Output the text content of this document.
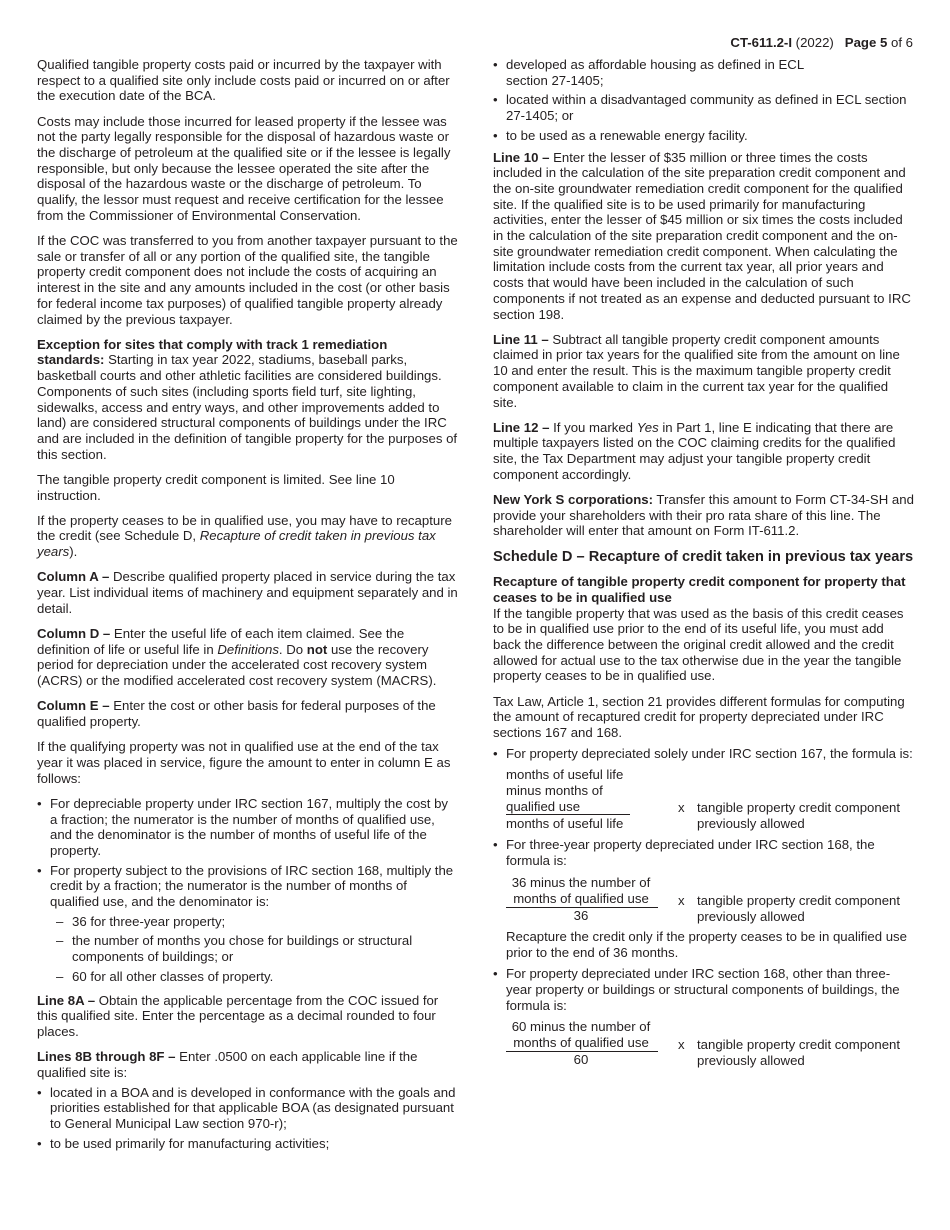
CT-611.2-I (2022) Page 5 of 6

Qualified tangible property costs paid or incurred by the taxpayer with respect to a qualified site only include costs paid or incurred on or after the execution date of the BCA.

Costs may include those incurred for leased property if the lessee was not the party legally responsible for the disposal of hazardous waste or the discharge of petroleum at the qualified site or if the lessee is legally responsible, but only because the lessee operated the site after the disposal of the hazardous waste or the discharge of petroleum. To qualify, the lessor must request and receive certification for the lessee from the Commissioner of Environmental Conservation.

If the COC was transferred to you from another taxpayer pursuant to the sale or transfer of all or any portion of the qualified site, the tangible property credit component does not include the costs of acquiring an interest in the site and any amounts included in the cost (or other basis for federal income tax purposes) of qualified tangible property already claimed by the previous taxpayer.

Exception for sites that comply with track 1 remediation standards: Starting in tax year 2022, stadiums, baseball parks, basketball courts and other athletic facilities are considered buildings. Components of such sites (including sports field turf, site lighting, sidewalks, access and entry ways, and other improvements added to land) are considered structural components of buildings under the IRC and are included in the definition of tangible property for the purposes of this section.

The tangible property credit component is limited. See line 10 instruction.

If the property ceases to be in qualified use, you may have to recapture the credit (see Schedule D, Recapture of credit taken in previous tax years).

Column A – Describe qualified property placed in service during the tax year. List individual items of machinery and equipment separately and in detail.

Column D – Enter the useful life of each item claimed. See the definition of life or useful life in Definitions. Do not use the recovery period for depreciation under the accelerated cost recovery system (ACRS) or the modified accelerated cost recovery system (MACRS).

Column E – Enter the cost or other basis for federal purposes of the qualified property.

If the qualifying property was not in qualified use at the end of the tax year it was placed in service, figure the amount to enter in column E as follows:

• For depreciable property under IRC section 167, multiply the cost by a fraction; the numerator is the number of months of qualified use, and the denominator is the number of months of useful life of the property.
• For property subject to the provisions of IRC section 168, multiply the credit by a fraction; the numerator is the number of months of qualified use, and the denominator is:
– 36 for three-year property;
– the number of months you chose for buildings or structural components of buildings; or
– 60 for all other classes of property.

Line 8A – Obtain the applicable percentage from the COC issued for this qualified site. Enter the percentage as a decimal rounded to four places.

Lines 8B through 8F – Enter .0500 on each applicable line if the qualified site is:

• located in a BOA and is developed in conformance with the goals and priorities established for that applicable BOA (as designated pursuant to General Municipal Law section 970-r);
• to be used primarily for manufacturing activities;
• developed as affordable housing as defined in ECL section 27-1405;
• located within a disadvantaged community as defined in ECL section 27-1405; or
• to be used as a renewable energy facility.

Line 10 – Enter the lesser of $35 million or three times the costs included in the calculation of the site preparation credit component and the on-site groundwater remediation credit component for the qualified site. If the qualified site is to be used primarily for manufacturing activities, enter the lesser of $45 million or six times the costs included in the calculation of the site preparation credit component and the on-site groundwater remediation credit component. When calculating the limitation include costs from the current tax year, all prior years and costs that would have been included in the calculation of such components if not treated as an expense and deducted pursuant to IRC section 198.

Line 11 – Subtract all tangible property credit component amounts claimed in prior tax years for the qualified site from the amount on line 10 and enter the result. This is the maximum tangible property credit component available to claim in the current tax year for the qualified site.

Line 12 – If you marked Yes in Part 1, line E indicating that there are multiple taxpayers listed on the COC claiming credits for the qualified site, the Tax Department may adjust your tangible property credit component accordingly.

New York S corporations: Transfer this amount to Form CT-34-SH and provide your shareholders with their pro rata share of this line. The shareholder will enter that amount on Form IT-611.2.

Schedule D – Recapture of credit taken in previous tax years

Recapture of tangible property credit component for property that ceases to be in qualified use

If the tangible property that was used as the basis of this credit ceases to be in qualified use prior to the end of its useful life, you must add back the difference between the original credit allowed and the credit allowed for actual use to the tax otherwise due in the year the tangible property ceases to be in qualified use.

Tax Law, Article 1, section 21 provides different formulas for computing the amount of recaptured credit for property depreciated under IRC sections 167 and 168.

• For property depreciated solely under IRC section 167, the formula is:
months of useful life minus months of qualified use
months of useful life
x tangible property credit component previously allowed
• For three-year property depreciated under IRC section 168, the formula is:
36 minus the number of months of qualified use
36
x tangible property credit component previously allowed

Recapture the credit only if the property ceases to be in qualified use prior to the end of 36 months.

• For property depreciated under IRC section 168, other than three-year property or buildings or structural components of buildings, the formula is:
60 minus the number of months of qualified use
60
x tangible property credit component previously allowed
